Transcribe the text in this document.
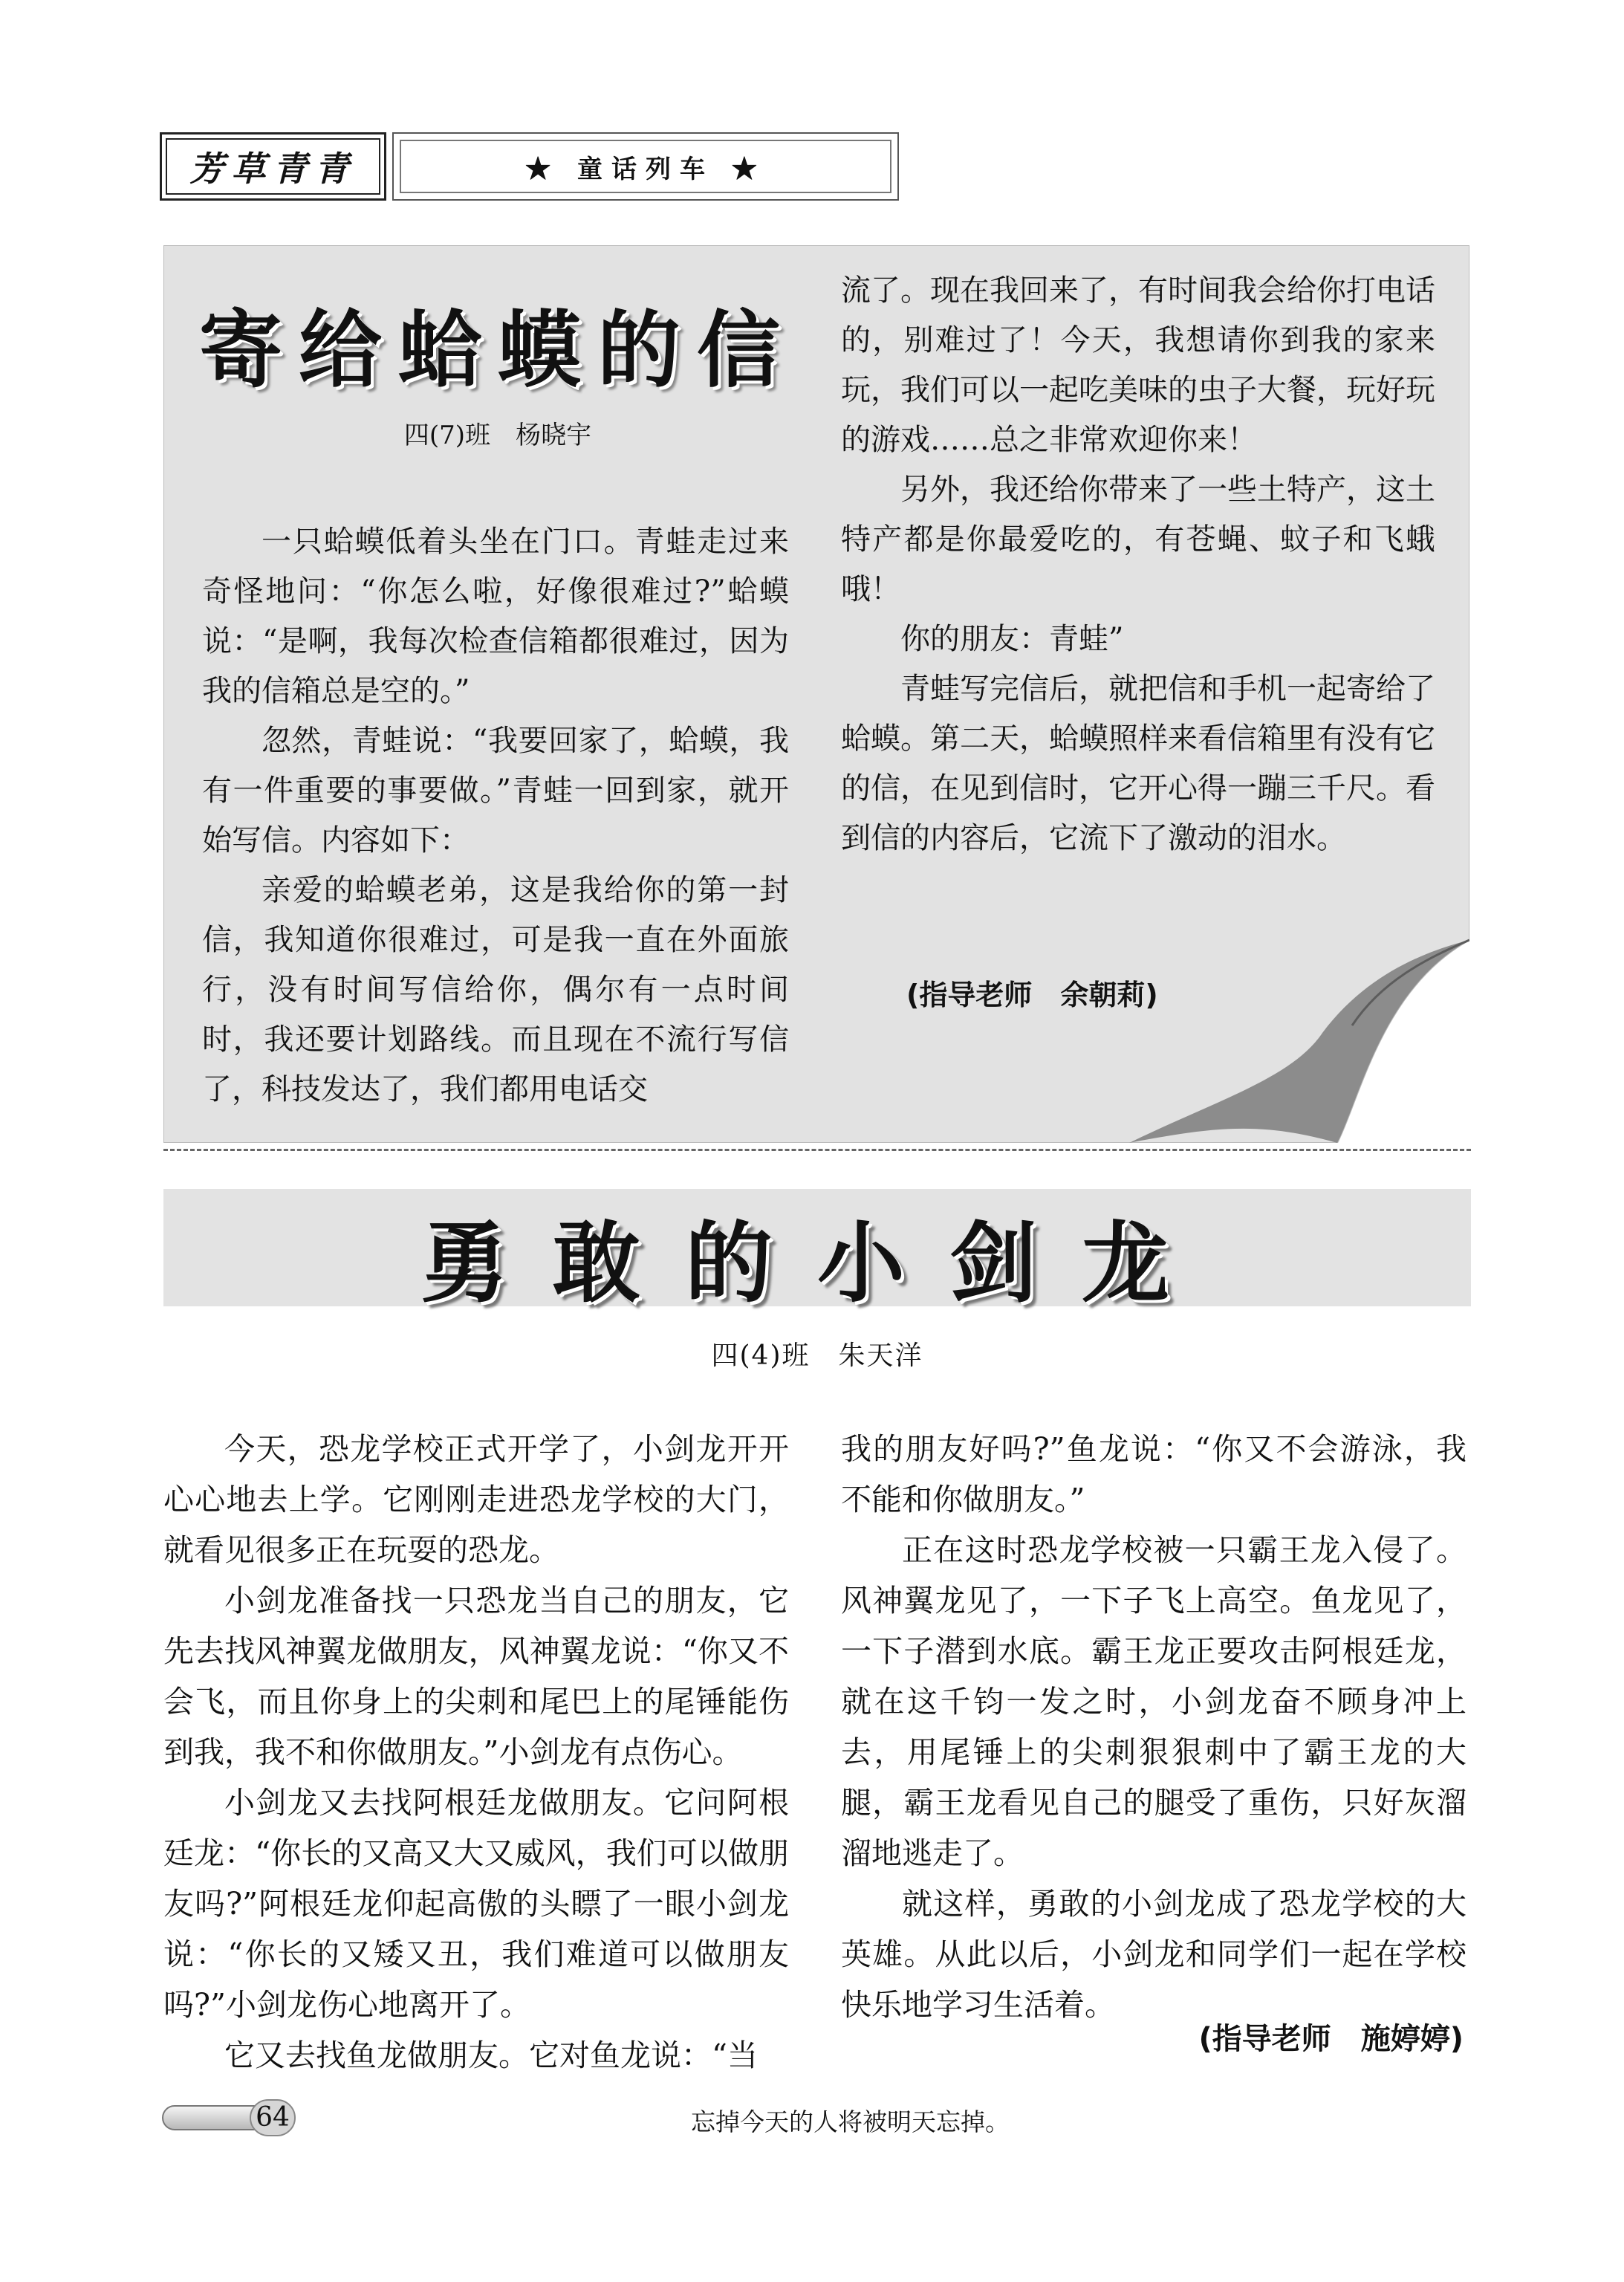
芳草青青	★ 童话列车 ★
寄给蛤蟆的信
四(7)班　杨晓宇

一只蛤蟆低着头坐在门口。青蛙走过来奇怪地问：“你怎么啦，好像很难过?”蛤蟆说：“是啊，我每次检查信箱都很难过，因为我的信箱总是空的。”

忽然，青蛙说：“我要回家了，蛤蟆，我有一件重要的事要做。”青蛙一回到家，就开始写信。内容如下：

亲爱的蛤蟆老弟，这是我给你的第一封信，我知道你很难过，可是我一直在外面旅行，没有时间写信给你，偶尔有一点时间时，我还要计划路线。而且现在不流行写信了，科技发达了，我们都用电话交

流了。现在我回来了，有时间我会给你打电话的，别难过了！今天，我想请你到我的家来玩，我们可以一起吃美味的虫子大餐，玩好玩的游戏……总之非常欢迎你来！

另外，我还给你带来了一些土特产，这土特产都是你最爱吃的，有苍蝇、蚊子和飞蛾哦！

你的朋友：青蛙”

青蛙写完信后，就把信和手机一起寄给了蛤蟆。第二天，蛤蟆照样来看信箱里有没有它的信，在见到信时，它开心得一蹦三千尺。看到信的内容后，它流下了激动的泪水。

(指导老师　余朝莉)
勇敢的小剑龙
四(4)班　朱天洋

今天，恐龙学校正式开学了，小剑龙开开心心地去上学。它刚刚走进恐龙学校的大门，就看见很多正在玩耍的恐龙。

小剑龙准备找一只恐龙当自己的朋友，它先去找风神翼龙做朋友，风神翼龙说：“你又不会飞，而且你身上的尖刺和尾巴上的尾锤能伤到我，我不和你做朋友。”小剑龙有点伤心。

小剑龙又去找阿根廷龙做朋友。它问阿根廷龙：“你长的又高又大又威风，我们可以做朋友吗?”阿根廷龙仰起高傲的头瞟了一眼小剑龙说：“你长的又矮又丑，我们难道可以做朋友吗?”小剑龙伤心地离开了。

它又去找鱼龙做朋友。它对鱼龙说：“当

我的朋友好吗?”鱼龙说：“你又不会游泳，我不能和你做朋友。”

正在这时恐龙学校被一只霸王龙入侵了。风神翼龙见了，一下子飞上高空。鱼龙见了，一下子潜到水底。霸王龙正要攻击阿根廷龙，就在这千钧一发之时，小剑龙奋不顾身冲上去，用尾锤上的尖刺狠狠刺中了霸王龙的大腿，霸王龙看见自己的腿受了重伤，只好灰溜溜地逃走了。

就这样，勇敢的小剑龙成了恐龙学校的大英雄。从此以后，小剑龙和同学们一起在学校快乐地学习生活着。

(指导老师　施婷婷)
64	忘掉今天的人将被明天忘掉。
